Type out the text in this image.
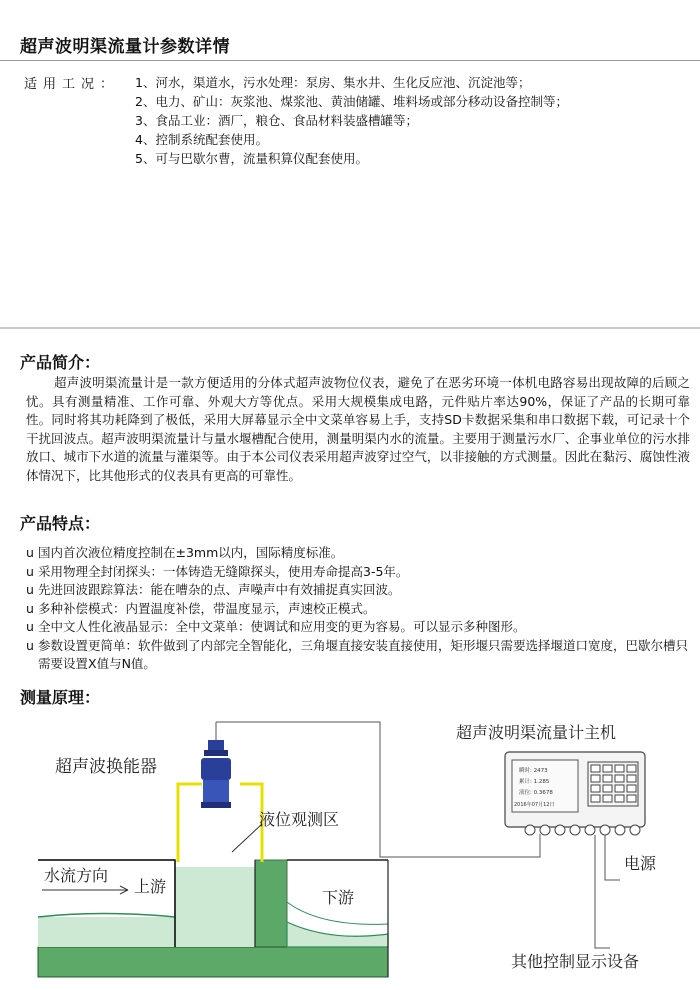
超声波明渠流量计参数详情
适用工况： 1、河水，渠道水，污水处理：泵房、集水井、生化反应池、沉淀池等；
2、电力、矿山：灰浆池、煤浆池、黄油储罐、堆料场或部分移动设备控制等；
3、食品工业：酒厂，粮仓、食品材料装盛槽罐等；
4、控制系统配套使用。
5、可与巴歇尔曹，流量积算仪配套使用。
产品简介：
超声波明渠流量计是一款方便适用的分体式超声波物位仪表，避免了在恶劣环境一体机电路容易出现故障的后顾之忧。具有测量精准、工作可靠、外观大方等优点。采用大规模集成电路，元件贴片率达90%，保证了产品的长期可靠性。同时将其功耗降到了极低，采用大屏幕显示全中文菜单容易上手，支持SD卡数据采集和串口数据下载，可记录十个干扰回波点。超声波明渠流量计与量水堰槽配合使用，测量明渠内水的流量。主要用于测量污水厂、企事业单位的污水排放口、城市下水道的流量与灌渠等。由于本公司仪表采用超声波穿过空气，以非接触的方式测量。因此在黏污、腐蚀性液体情况下，比其他形式的仪表具有更高的可靠性。
产品特点：
u 国内首次液位精度控制在±3mm以内，国际精度标准。
u 采用物理全封闭探头：一体铸造无缝隙探头，使用寿命提高3-5年。
u 先进回波跟踪算法：能在嘈杂的点、声噪声中有效捕捉真实回波。
u 多种补偿模式：内置温度补偿，带温度显示，声速校正模式。
u 全中文人性化液晶显示：全中文菜单：使调试和应用变的更为容易。可以显示多种图形。
u 参数设置更简单：软件做到了内部完全智能化，三角堰直接安装直接使用，矩形堰只需要选择堰道口宽度，巴歇尔槽只需要设置X值与N值。
测量原理：
超声波换能器
超声波明渠流量计主机
液位观测区
水流方向
上游
下游
电源
其他控制显示设备
瞬时: 2473
累计: 1.285
液位: 0.3678
2016年07月12日
